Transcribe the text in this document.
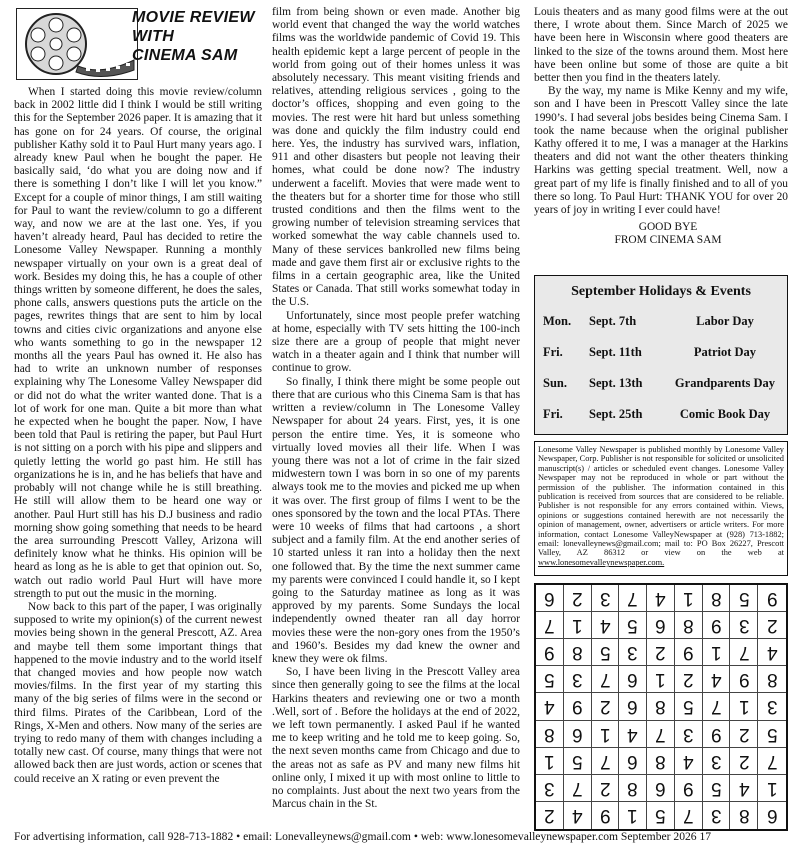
MOVIE REVIEW
WITH
CINEMA SAM

When I started doing this movie review/column back in 2002 little did I think I would be still writing this for the September 2026 paper. It is amazing that it has gone on for 24 years. Of course, the original publisher Kathy sold it to Paul Hurt many years ago. I already knew Paul when he bought the paper. He basically said, ‘do what you are doing now and if there is something I don’t like I will let you know.” Except for a couple of minor things, I am still waiting for Paul to want the review/column to go a different way, and now we are at the last one. Yes, if you haven’t already heard, Paul has decided to retire the Lonesome Valley Newspaper. Running a monthly newspaper virtually on your own is a great deal of work. Besides my doing this, he has a couple of other things written by someone different, he does the sales, phone calls, answers questions puts the article on the pages, rewrites things that are sent to him by local towns and cities civic organizations and anyone else who wants something to go in the newspaper 12 months all the years Paul has owned it. He also has had to write an unknown number of responses explaining why The Lonesome Valley Newspaper did or did not do what the writer wanted done. That is a lot of work for one man. Quite a bit more than what he expected when he bought the paper. Now, I have been told that Paul is retiring the paper, but Paul Hurt is not sitting on a porch with his pipe and slippers and quietly letting the world go past him. He still has organizations he is in, and he has beliefs that have and probably will not change while he is still breathing. He still will allow them to be heard one way or another. Paul Hurt still has his D.J business and radio morning show going something that needs to be heard the area surrounding Prescott Valley, Arizona will definitely know what he thinks. His opinion will be heard as long as he is able to get that opinion out. So, watch out radio world Paul Hurt will have more strength to put out the music in the morning.

Now back to this part of the paper, I was originally supposed to write my opinion(s) of the current newest movies being shown in the general Prescott, AZ. Area and maybe tell them some important things that happened to the movie industry and to the world itself that changed movies and how people now watch movies/films. In the first year of my starting this many of the big series of films were in the second or third films. Pirates of the Caribbean, Lord of the Rings, X-Men and others. Now many of the series are trying to redo many of them with changes including a totally new cast. Of course, many things that were not allowed back then are just words, action or scenes that could receive an X rating or even prevent the

film from being shown or even made. Another big world event that changed the way the world watches films was the worldwide pandemic of Covid 19. This health epidemic kept a large percent of people in the world from going out of their homes unless it was absolutely necessary. This meant visiting friends and relatives, attending religious services , going to the doctor’s offices, shopping and even going to the movies. The rest were hit hard but unless something was done and quickly the film industry could end here. Yes, the industry has survived wars, inflation, 911 and other disasters but people not leaving their homes, what could be done now? The industry underwent a facelift. Movies that were made went to the theaters but for a shorter time for those who still trusted conditions and then the films went to the growing number of television streaming services that worked somewhat the way cable channels used to. Many of these services bankrolled new films being made and gave them first air or exclusive rights to the films in a certain geographic area, like the United States or Canada. That still works somewhat today in the U.S.

Unfortunately, since most people prefer watching at home, especially with TV sets hitting the 100-inch size there are a group of people that might never watch in a theater again and I think that number will continue to grow.

So finally, I think there might be some people out there that are curious who this Cinema Sam is that has written a review/column in The Lonesome Valley Newspaper for about 24 years. First, yes, it is one person the entire time. Yes, it is someone who virtually loved movies all their life. When I was young there was not a lot of crime in the fair sized midwestern town I was born in so one of my parents always took me to the movies and picked me up when it was over. The first group of films I went to be the ones sponsored by the town and the local PTAs. There were 10 weeks of films that had cartoons , a short subject and a family film. At the end another series of 10 started unless it ran into a holiday then the next one followed that. By the time the next summer came my parents were convinced I could handle it, so I kept going to the Saturday matinee as long as it was approved by my parents. Some Sundays the local independently owned theater ran all day horror movies these were the non-gory ones from the 1950’s and 1960’s. Besides my dad knew the owner and knew they were ok films.

So, I have been living in the Prescott Valley area since then generally going to see the films at the local Harkins theaters and reviewing one or two a month .Well, sort of . Before the holidays at the end of 2022, we left town permanently. I asked Paul if he wanted me to keep writing and he told me to keep going. So, the next seven months came from Chicago and due to the areas not as safe as PV and many new films hit online only, I mixed it up with most online to little to no complaints. Just about the next two years from the Marcus chain in the St.

Louis theaters and as many good films were at the out there, I wrote about them. Since March of 2025 we have been here in Wisconsin where good theaters are linked to the size of the towns around them. Most here have been online but some of those are quite a bit better then you find in the theaters lately.

By the way, my name is Mike Kenny and my wife, son and I have been in Prescott Valley since the late 1990’s. I had several jobs besides being Cinema Sam. I took the name because when the original publisher Kathy offered it to me, I was a manager at the Harkins theaters and did not want the other theaters thinking Harkins was getting special treatment. Well, now a great part of my life is finally finished and to all of you there so long. To Paul Hurt: THANK YOU for over 20 years of joy in writing I ever could have!

GOOD BYE

FROM CINEMA SAM

September Holidays & Events
Mon. Sept. 7th	Labor Day
Fri. Sept. 11th	Patriot Day
Sun. Sept. 13th	Grandparents Day
Fri. Sept. 25th	Comic Book Day
Lonesome Valley Newspaper is published monthly by Lonesome Valley Newspaper, Corp. Publisher is not responsible for solicited or unsolicited manuscript(s) / articles or scheduled event changes. Lonesome Valley Newspaper may not be reproduced in whole or part without the permission of the publisher. The information contained in this publication is received from sources that are considered to be reliable. Publisher is not responsible for any errors contained within. Views, opinions or suggestions contained herewith are not necessarily the opinion of management, owner, advertisers or article writers. For more information, contact Lonesome ValleyNewspaper at (928) 713-1882; email: lonevalleynews@gmail.com; mail to: PO Box 26227, Prescott Valley, AZ 86312 or view on the web at www.lonesomevalleynewspaper.com.
6 2 3 7 4 1 8 5 9
7 1 4 5 6 8 9 3 2
9 8 5 3 2 9 1 7 4
5 3 7 6 1 2 4 9 8
4 9 2 6 8 5 7 1 3
8 6 1 4 7 3 9 2 5
1 5 7 6 8 4 3 2 7
3 7 2 8 6 9 5 4 1
2 4 9 1 5 7 3 8 6
For advertising information, call 928-713-1882 • email: Lonevalleynews@gmail.com • web: www.lonesomevalleynewspaper.com September 2026 17
